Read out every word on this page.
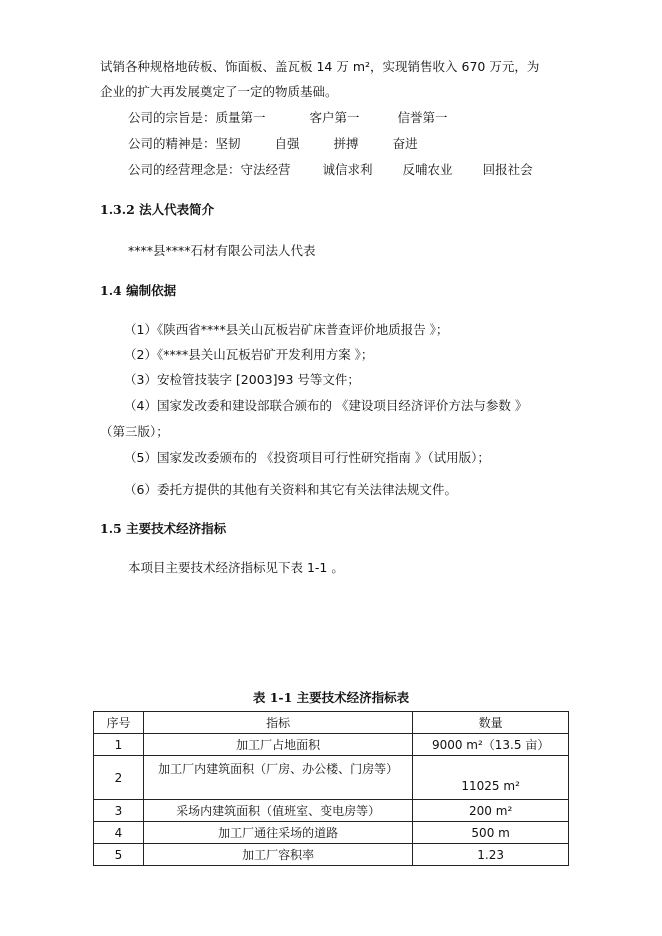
试销各种规格地砖板、饰面板、盖瓦板 14 万 m²，实现销售收入 670 万元，为
企业的扩大再发展奠定了一定的物质基础。
公司的宗旨是：质量第一	客户第一	信誉第一
公司的精神是：坚韧	自强	拼搏	奋进
公司的经营理念是：守法经营	诚信求利 反哺农业 回报社会
1.3.2 法人代表简介
****县****石材有限公司法人代表
1.4 编制依据
（1）《陕西省****县关山瓦板岩矿床普查评价地质报告 》；
（2）《****县关山瓦板岩矿开发利用方案 》；
（3）安检管技装字 [2003]93 号等文件；
（4）国家发改委和建设部联合颁布的 《建设项目经济评价方法与参数 》
（第三版）；
（5）国家发改委颁布的 《投资项目可行性研究指南 》（试用版）；
（6）委托方提供的其他有关资料和其它有关法律法规文件。
1.5 主要技术经济指标
本项目主要技术经济指标见下表 1-1 。
表 1-1 主要技术经济指标表
序号	指标	数量
1	加工厂占地面积	9000 m²（13.5 亩）
2	加工厂内建筑面积（厂房、办公楼、门房等）	11025 m²
3	采场内建筑面积（值班室、变电房等）	200 m²
4	加工厂通往采场的道路	500 m
5	加工厂容积率	1.23
